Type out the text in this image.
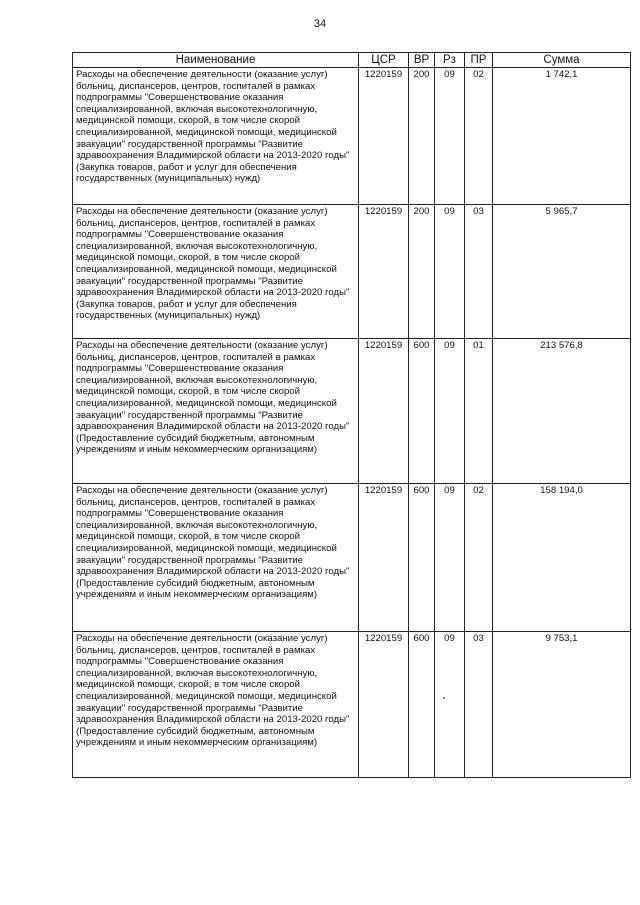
34
Наименование	ЦСР	ВР	Рз	ПР	Сумма
Расходы на обеспечение деятельности (оказание услуг) больниц, диспансеров, центров, госпиталей в рамках подпрограммы "Совершенствование оказания специализированной, включая высокотехнологичную, медицинской помощи, скорой, в том числе скорой специализированной, медицинской помощи, медицинской эвакуации" государственной программы "Развитие здравоохранения Владимирской области на 2013-2020 годы" (Закупка товаров, работ и услуг для обеспечения государственных (муниципальных) нужд)	1220159	200	09	02	1 742,1
Расходы на обеспечение деятельности (оказание услуг) больниц, диспансеров, центров, госпиталей в рамках подпрограммы "Совершенствование оказания специализированной, включая высокотехнологичную, медицинской помощи, скорой, в том числе скорой специализированной, медицинской помощи, медицинской эвакуации" государственной программы "Развитие здравоохранения Владимирской области на 2013-2020 годы" (Закупка товаров, работ и услуг для обеспечения государственных (муниципальных) нужд)	1220159	200	09	03	5 965,7
Расходы на обеспечение деятельности (оказание услуг) больниц, диспансеров, центров, госпиталей в рамках подпрограммы "Совершенствование оказания специализированной, включая высокотехнологичную, медицинской помощи, скорой, в том числе скорой специализированной, медицинской помощи, медицинской эвакуации" государственной программы "Развитие здравоохранения Владимирской области на 2013-2020 годы" (Предоставление субсидий бюджетным, автономным учреждениям и иным некоммерческим организациям)	1220159	600	09	01	213 576,8
Расходы на обеспечение деятельности (оказание услуг) больниц, диспансеров, центров, госпиталей в рамках подпрограммы "Совершенствование оказания специализированной, включая высокотехнологичную, медицинской помощи, скорой, в том числе скорой специализированной, медицинской помощи, медицинской эвакуации" государственной программы "Развитие здравоохранения Владимирской области на 2013-2020 годы" (Предоставление субсидий бюджетным, автономным учреждениям и иным некоммерческим организациям)	1220159	600	09	02	158 194,0
Расходы на обеспечение деятельности (оказание услуг) больниц, диспансеров, центров, госпиталей в рамках подпрограммы "Совершенствование оказания специализированной, включая высокотехнологичную, медицинской помощи, скорой, в том числе скорой специализированной, медицинской помощи, медицинской эвакуации" государственной программы "Развитие здравоохранения Владимирской области на 2013-2020 годы" (Предоставление субсидий бюджетным, автономным учреждениям и иным некоммерческим организациям)	1220159	600	09	03	9 753,1
